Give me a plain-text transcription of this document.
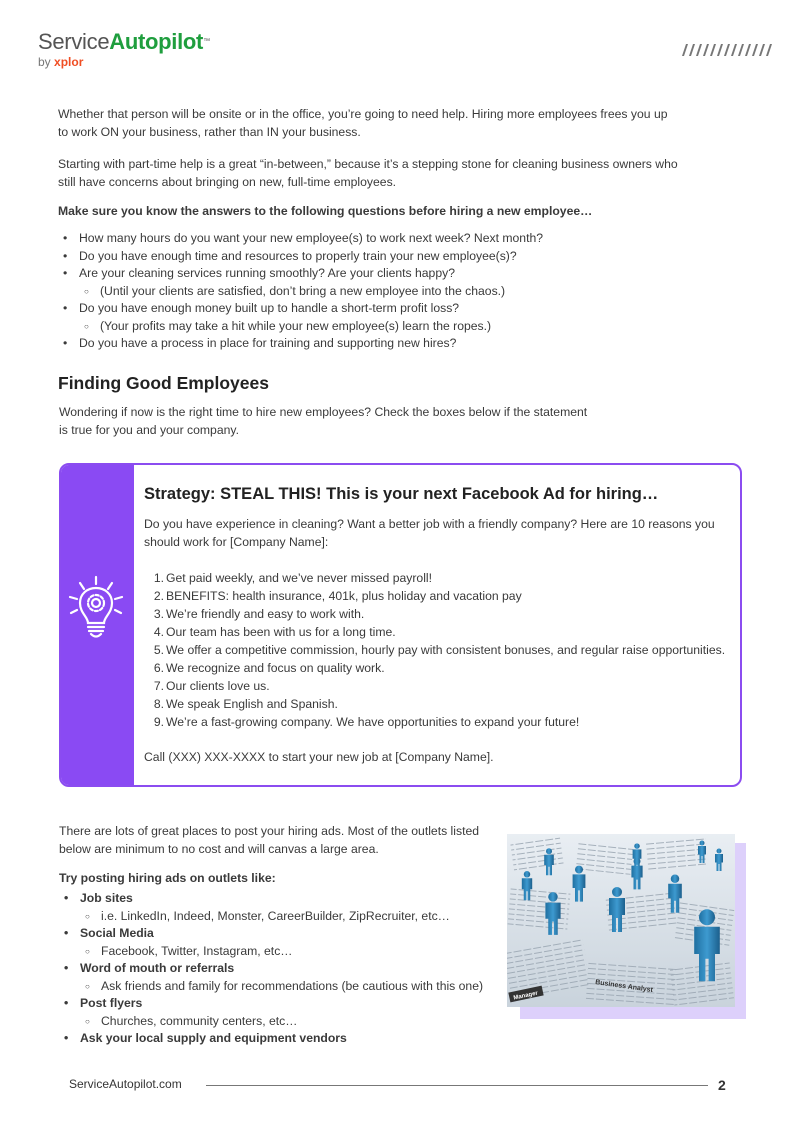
ServiceAutopilot™
by xplor
Whether that person will be onsite or in the office, you’re going to need help. Hiring more employees frees you up to work ON your business, rather than IN your business.
Starting with part-time help is a great “in-between,” because it’s a stepping stone for cleaning business owners who still have concerns about bringing on new, full-time employees.
Make sure you know the answers to the following questions before hiring a new employee…
• How many hours do you want your new employee(s) to work next week? Next month?
• Do you have enough time and resources to properly train your new employee(s)?
• Are your cleaning services running smoothly? Are your clients happy?
○ (Until your clients are satisfied, don’t bring a new employee into the chaos.)
• Do you have enough money built up to handle a short-term profit loss?
○ (Your profits may take a hit while your new employee(s) learn the ropes.)
• Do you have a process in place for training and supporting new hires?
Finding Good Employees
Wondering if now is the right time to hire new employees? Check the boxes below if the statement
is true for you and your company.
Strategy: STEAL THIS! This is your next Facebook Ad for hiring…
Do you have experience in cleaning? Want a better job with a friendly company? Here are 10 reasons you should work for [Company Name]:
1. Get paid weekly, and we’ve never missed payroll!
2. BENEFITS: health insurance, 401k, plus holiday and vacation pay
3. We’re friendly and easy to work with.
4. Our team has been with us for a long time.
5. We offer a competitive commission, hourly pay with consistent bonuses, and regular raise opportunities.
6. We recognize and focus on quality work.
7. Our clients love us.
8. We speak English and Spanish.
9. We’re a fast-growing company. We have opportunities to expand your future!
Call (XXX) XXX-XXXX to start your new job at [Company Name].
There are lots of great places to post your hiring ads. Most of the outlets listed
below are minimum to no cost and will canvas a large area.
Try posting hiring ads on outlets like:
• Job sites
○ i.e. LinkedIn, Indeed, Monster, CareerBuilder, ZipRecruiter, etc…
• Social Media
○ Facebook, Twitter, Instagram, etc…
• Word of mouth or referrals
○ Ask friends and family for recommendations (be cautious with this one)
• Post flyers
○ Churches, community centers, etc…
• Ask your local supply and equipment vendors
Business Analyst
Manager
ServiceAutopilot.com	2
